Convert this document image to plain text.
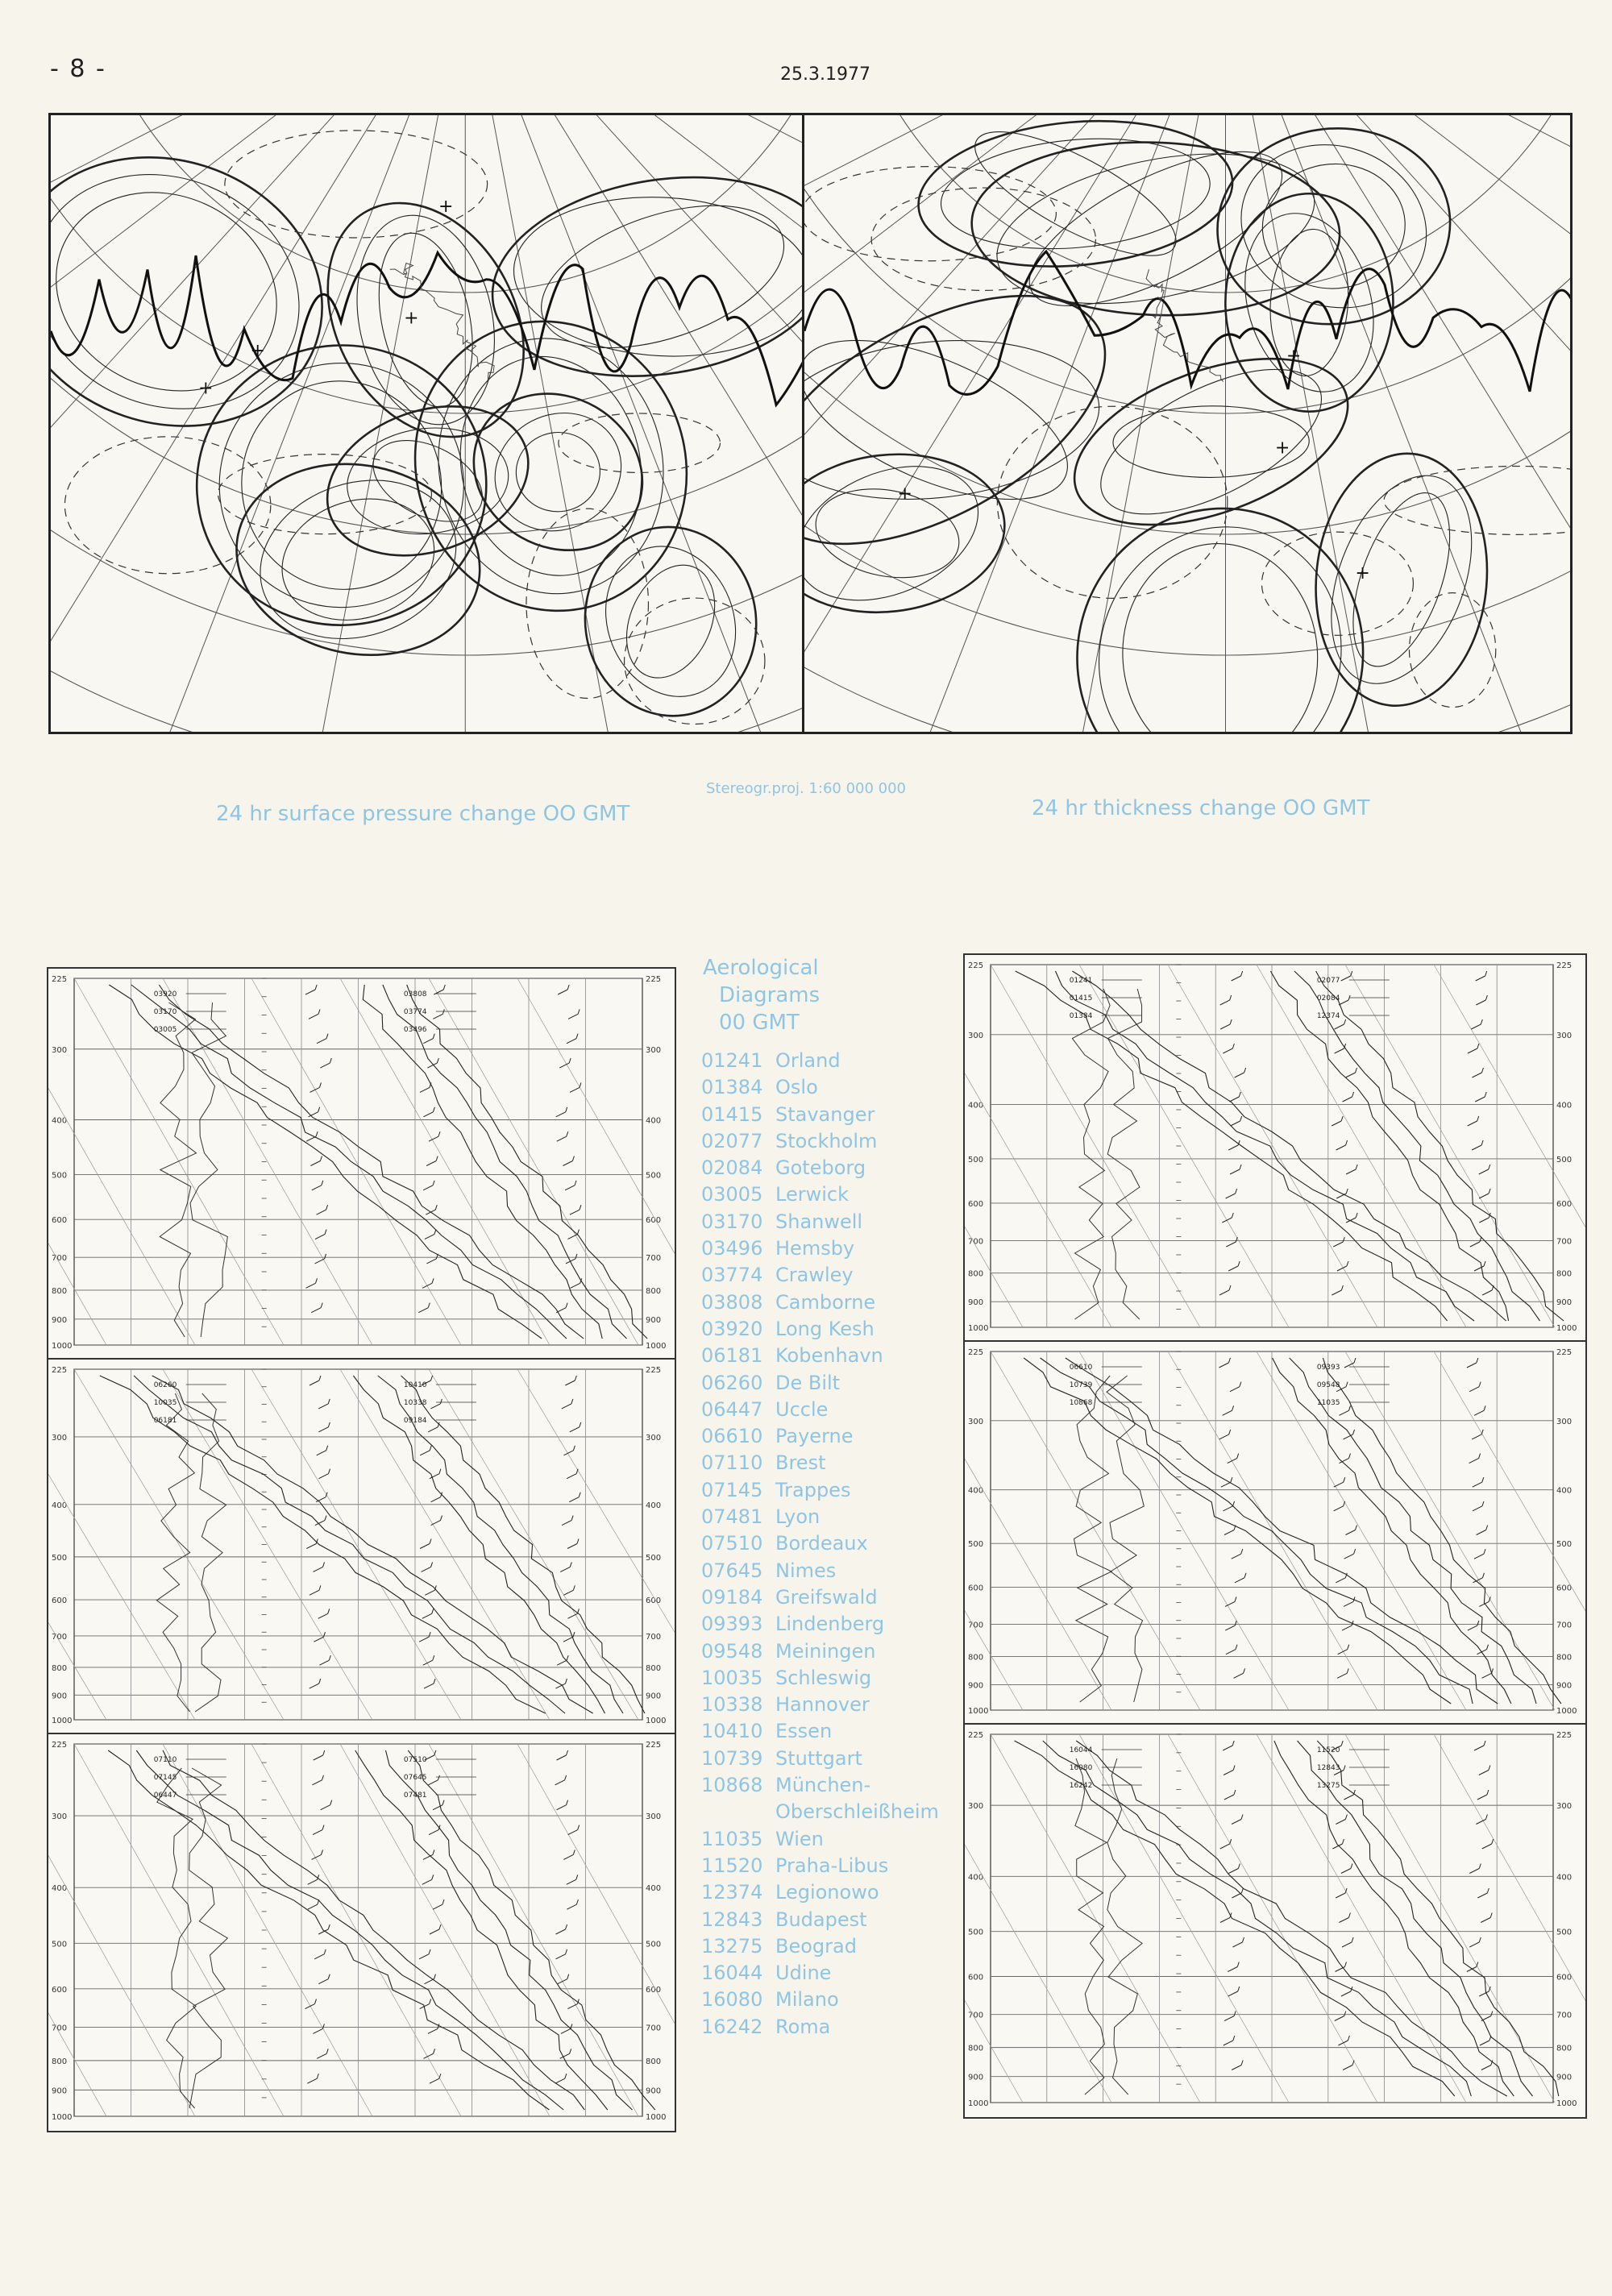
- 8 -	25.3.1977
+
+
+
+
+
+
+
+
24 hr surface pressure change OO GMT
Stereogr.proj. 1:60 000 000
24 hr thickness change OO GMT
225	225
300	300
400	400
500	500
600	600
700	700
800	800
900	900
1000	1000
03920
03170
03005
03808
03774
03496
225	225
300	300
400	400
500	500
600	600
700	700
800	800
900	900
1000	1000
06260
10035
06181
10410
10338
09184
225	225
300	300
400	400
500	500
600	600
700	700
800	800
900	900
1000	1000
07110
07145
06447
07510
07645
07481
225	225
300	300
400	400
500	500
600	600
700	700
800	800
900	900
1000	1000
01241
01415
01384
02077
02084
12374
225	225
300	300
400	400
500	500
600	600
700	700
800	800
900	900
1000	1000
06610
10739
10868
09393
09548
11035
225	225
300	300
400	400
500	500
600	600
700	700
800	800
900	900
1000	1000
16044
16080
16242
11520
12843
13275
Aerological
Diagrams
00 GMT
01241 Orland
01384 Oslo
01415 Stavanger
02077 Stockholm
02084 Goteborg
03005 Lerwick
03170 Shanwell
03496 Hemsby
03774 Crawley
03808 Camborne
03920 Long Kesh
06181 Kobenhavn
06260 De Bilt
06447 Uccle
06610 Payerne
07110 Brest
07145 Trappes
07481 Lyon
07510 Bordeaux
07645 Nimes
09184 Greifswald
09393 Lindenberg
09548 Meiningen
10035 Schleswig
10338 Hannover
10410 Essen
10739 Stuttgart
10868 München-
Oberschleißheim
11035 Wien
11520 Praha-Libus
12374 Legionowo
12843 Budapest
13275 Beograd
16044 Udine
16080 Milano
16242 Roma
